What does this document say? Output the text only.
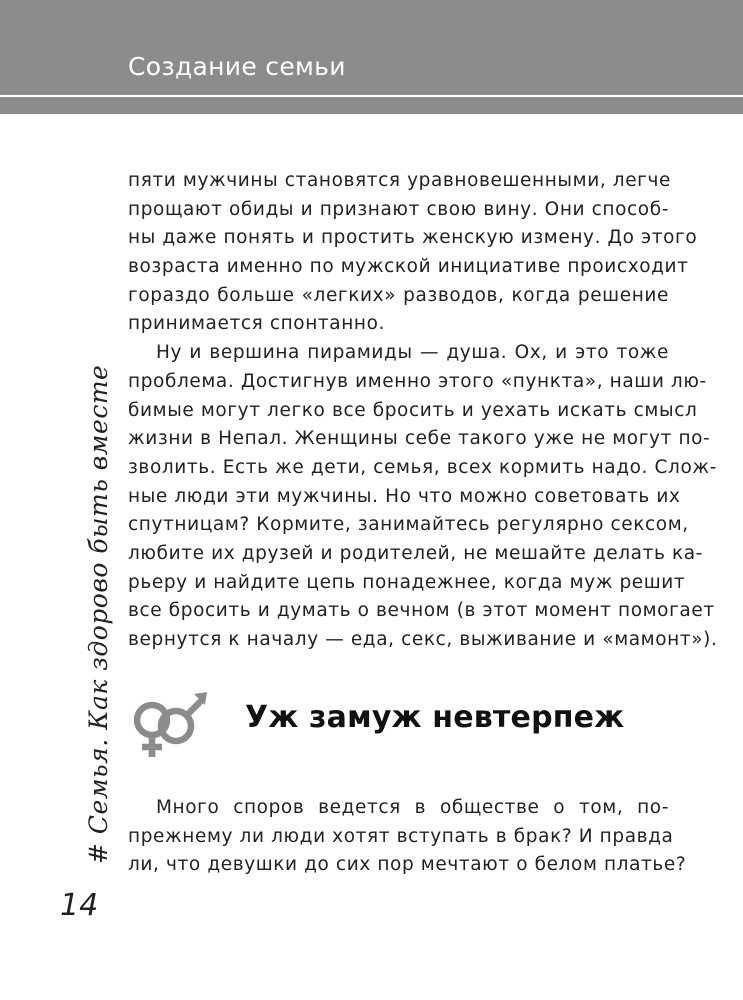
Создание семьи
пяти мужчины становятся уравновешенными, легче
прощают обиды и признают свою вину. Они способ-
ны даже понять и простить женскую измену. До этого
возраста именно по мужской инициативе происходит
гораздо больше «легких» разводов, когда решение
принимается спонтанно.
Ну и вершина пирамиды — душа. Ох, и это тоже
проблема. Достигнув именно этого «пункта», наши лю-
бимые могут легко все бросить и уехать искать смысл
жизни в Непал. Женщины себе такого уже не могут по-
зволить. Есть же дети, семья, всех кормить надо. Слож-
ные люди эти мужчины. Но что можно советовать их
спутницам? Кормите, занимайтесь регулярно сексом,
любите их друзей и родителей, не мешайте делать ка-
рьеру и найдите цепь понадежнее, когда муж решит
все бросить и думать о вечном (в этот момент помогает
вернутся к началу — еда, секс, выживание и «мамонт»).
Уж замуж невтерпеж
Много споров ведется в обществе о том, по-
прежнему ли люди хотят вступать в брак? И правда
ли, что девушки до сих пор мечтают о белом платье?
# Семья. Как здорово быть вместе
14
